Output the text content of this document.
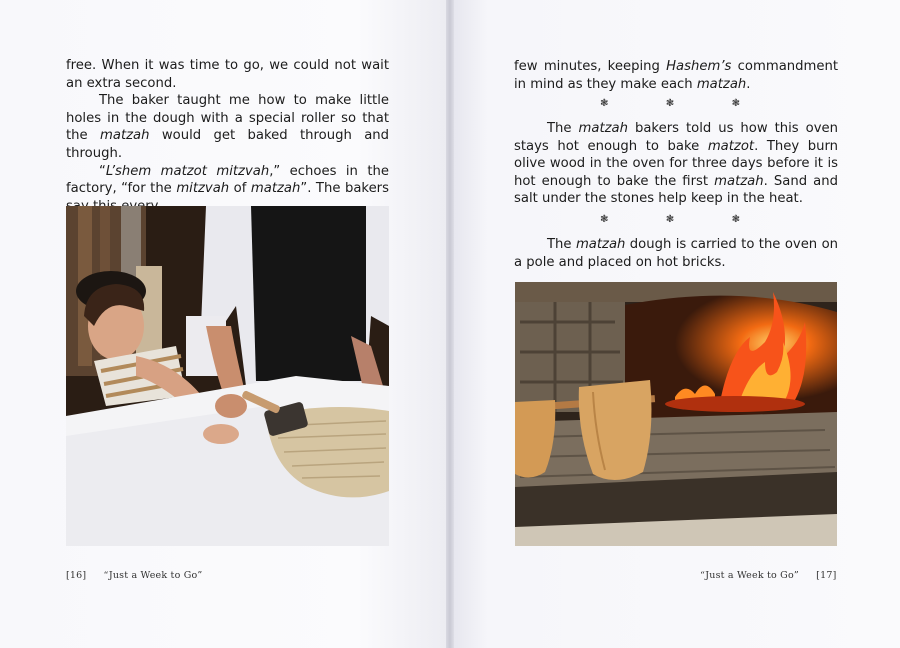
free. When it was time to go, we could not wait an extra second.

The baker taught me how to make little holes in the dough with a special roller so that the matzah would get baked through and through.

“L’shem matzot mitzvah,” echoes in the factory, “for the mitzvah of matzah”. The bakers

few minutes, keeping Hashem’s commandment in mind as they make each matzah.

❃	❃	❃

The matzah bakers told us how this oven stays hot enough to bake matzot. They burn olive wood in the oven for three days before it is hot enough to bake the first matzah. Sand and salt under the stones help keep in the heat.

❃	❃	❃

The matzah dough is carried to the oven on a pole and placed on hot bricks.

[16] “Just a Week to Go”	“Just a Week to Go” [17]
